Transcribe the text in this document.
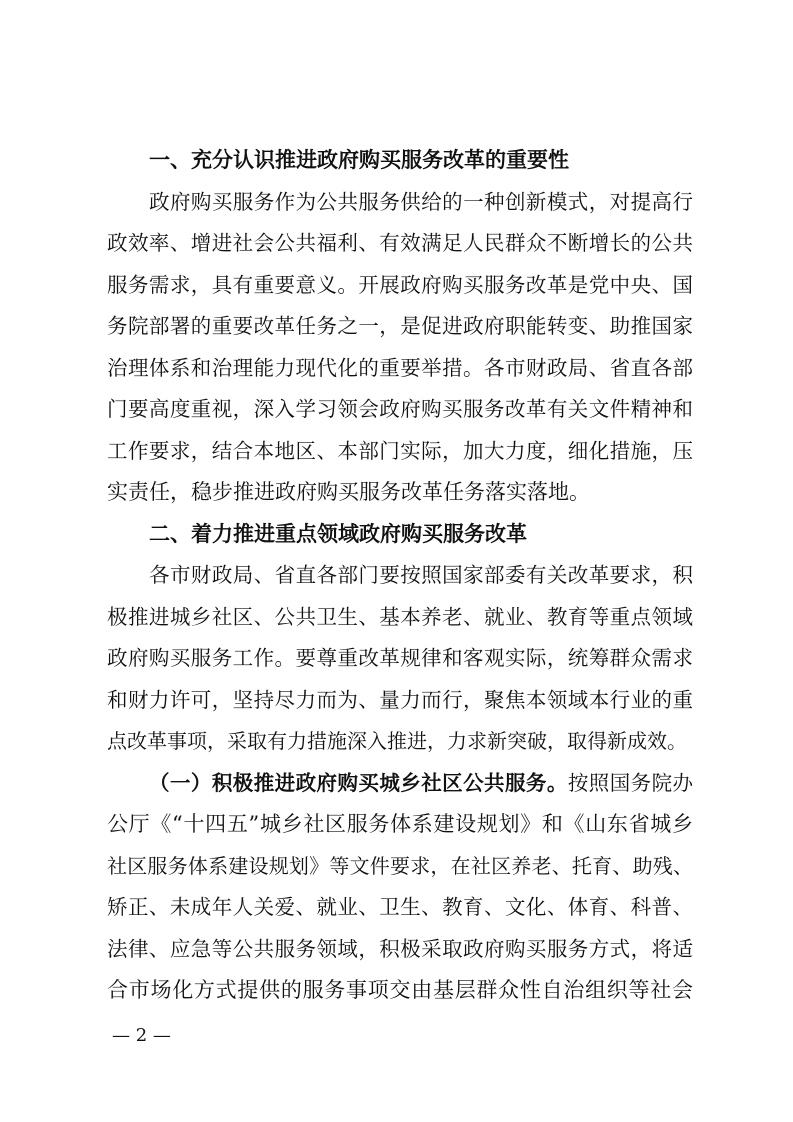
一、充分认识推进政府购买服务改革的重要性
政府购买服务作为公共服务供给的一种创新模式，对提高行
政效率、增进社会公共福利、有效满足人民群众不断增长的公共
服务需求，具有重要意义。开展政府购买服务改革是党中央、国
务院部署的重要改革任务之一，是促进政府职能转变、助推国家
治理体系和治理能力现代化的重要举措。各市财政局、省直各部
门要高度重视，深入学习领会政府购买服务改革有关文件精神和
工作要求，结合本地区、本部门实际，加大力度，细化措施，压
实责任，稳步推进政府购买服务改革任务落实落地。
二、着力推进重点领域政府购买服务改革
各市财政局、省直各部门要按照国家部委有关改革要求，积
极推进城乡社区、公共卫生、基本养老、就业、教育等重点领域
政府购买服务工作。要尊重改革规律和客观实际，统筹群众需求
和财力许可，坚持尽力而为、量力而行，聚焦本领域本行业的重
点改革事项，采取有力措施深入推进，力求新突破，取得新成效。
（一）积极推进政府购买城乡社区公共服务。按照国务院办
公厅《“十四五”城乡社区服务体系建设规划》和《山东省城乡
社区服务体系建设规划》等文件要求，在社区养老、托育、助残、
矫正、未成年人关爱、就业、卫生、教育、文化、体育、科普、
法律、应急等公共服务领域，积极采取政府购买服务方式，将适
合市场化方式提供的服务事项交由基层群众性自治组织等社会
— 2 —
